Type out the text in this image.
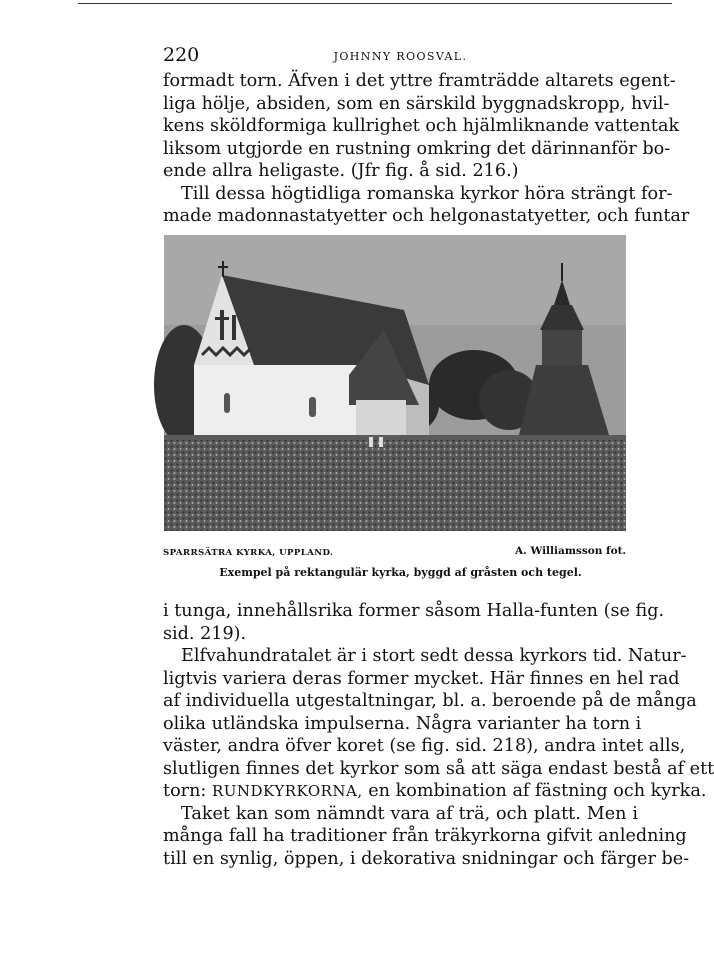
220	JOHNNY ROOSVAL.
formadt torn. Äfven i det yttre framträdde altarets egent-
liga hölje, absiden, som en särskild byggnadskropp, hvil-
kens sköldformiga kullrighet och hjälmliknande vattentak
liksom utgjorde en rustning omkring det därinnanför bo-
ende allra heligaste. (Jfr fig. å sid. 216.)
Till dessa högtidliga romanska kyrkor höra strängt for-
made madonnastatyetter och helgonastatyetter, och funtar
SPARRSÄTRA KYRKA, UPPLAND.	A. Williamsson fot.
Exempel på rektangulär kyrka, byggd af gråsten och tegel.
i tunga, innehållsrika former såsom Halla-funten (se fig.
sid. 219).
Elfvahundratalet är i stort sedt dessa kyrkors tid. Natur-
ligtvis variera deras former mycket. Här finnes en hel rad
af individuella utgestaltningar, bl. a. beroende på de många
olika utländska impulserna. Några varianter ha torn i
väster, andra öfver koret (se fig. sid. 218), andra intet alls,
slutligen finnes det kyrkor som så att säga endast bestå af ett
torn: RUNDKYRKORNA, en kombination af fästning och kyrka.
Taket kan som nämndt vara af trä, och platt. Men i
många fall ha traditioner från träkyrkorna gifvit anledning
till en synlig, öppen, i dekorativa snidningar och färger be-
